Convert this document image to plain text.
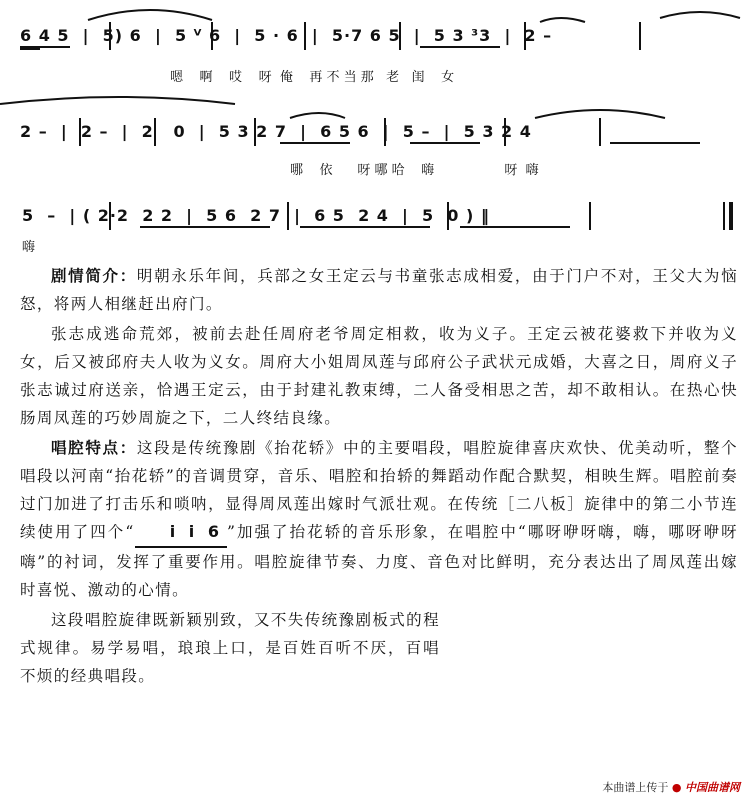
6 4 5  |  5) 6  |  5 ⱽ 6  |  5 · 6  |  5·7 6 5  |  5 3 ³3  |  2 –
嗯    啊    哎    呀  俺    再 不 当 那   老   闺    女
2 –  |  2 –  |  2   0  |  5 3 2 7  |  6 5 6  |  5 –  |  5 3 2 4
哪    依      呀 哪 哈    嗨                 呀  嗨
5  –  | ( 2·2  2 2  |  5 6  2 7  |  6 5  2 4  |  5  0 ) ‖
嗨

剧情简介：明朝永乐年间，兵部之女王定云与书童张志成相爱，由于门户不对，王父大为恼怒，将两人相继赶出府门。

张志成逃命荒郊，被前去赴任周府老爷周定相救，收为义子。王定云被花婆救下并收为义女，后又被邱府夫人收为义女。周府大小姐周凤莲与邱府公子武状元成婚，大喜之日，周府义子张志诚过府送亲，恰遇王定云，由于封建礼教束缚，二人备受相思之苦，却不敢相认。在热心快肠周凤莲的巧妙周旋之下，二人终结良缘。

唱腔特点：这段是传统豫剧《抬花轿》中的主要唱段，唱腔旋律喜庆欢快、优美动听，整个唱段以河南“抬花轿”的音调贯穿，音乐、唱腔和抬轿的舞蹈动作配合默契，相映生辉。唱腔前奏过门加进了打击乐和唢呐，显得周凤莲出嫁时气派壮观。在传统［二八板］旋律中的第二小节连续使用了四个“ i i 6 ”加强了抬花轿的音乐形象，在唱腔中“哪呀咿呀嗨，嗨，哪呀咿呀嗨”的衬词，发挥了重要作用。唱腔旋律节奏、力度、音色对比鲜明，充分表达出了周凤莲出嫁时喜悦、激动的心情。

这段唱腔旋律既新颖别致，又不失传统豫剧板式的程式规律。易学易唱，琅琅上口，是百姓百听不厌，百唱不烦的经典唱段。

本曲谱上传于 ● 中国曲谱网
